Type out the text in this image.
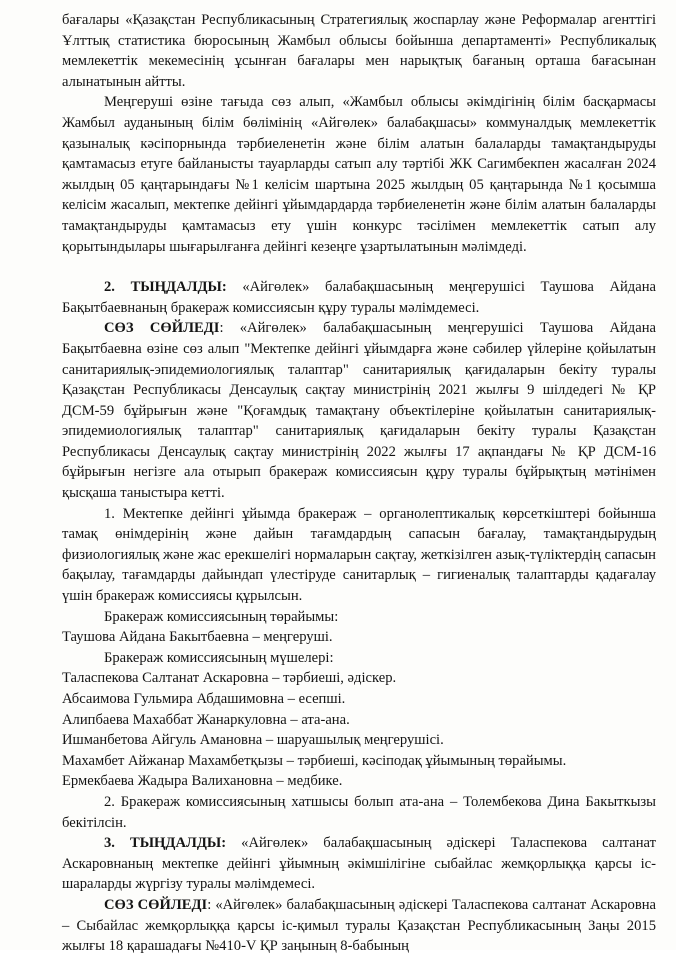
бағалары «Қазақстан Республикасының Стратегиялық жоспарлау және Реформалар агенттігі Ұлттық статистика бюросының Жамбыл облысы бойынша департаменті» Республикалық мемлекеттік мекемесінің ұсынған бағалары мен нарықтық бағаның орташа бағасынан алынатынын айтты.

Меңгеруші өзіне тағыда сөз алып, «Жамбыл облысы әкімдігінің білім басқармасы Жамбыл ауданының білім бөлімінің «Айгөлек» балабақшасы» коммуналдық мемлекеттік қазыналық кәсіпорнында тәрбиеленетін және білім алатын балаларды тамақтандыруды қамтамасыз етуге байланысты тауарларды сатып алу тәртібі ЖК Сагимбекпен жасалған 2024 жылдың 05 қаңтарындағы №1 келісім шартына 2025 жылдың 05 қаңтарында №1 қосымша келісім жасалып, мектепке дейінгі ұйымдардарда тәрбиеленетін және білім алатын балаларды тамақтандыруды қамтамасыз ету үшін конкурс тәсілімен мемлекеттік сатып алу қорытындылары шығарылғанға дейінгі кезеңге ұзартылатынын мәлімдеді.

2. ТЫҢДАЛДЫ: «Айгөлек» балабақшасының меңгерушісі Таушова Айдана Бақытбаевнаның бракераж комиссиясын құру туралы мәлімдемесі.

СӨЗ СӨЙЛЕДІ: «Айгөлек» балабақшасының меңгерушісі Таушова Айдана Бақытбаевна өзіне сөз алып "Мектепке дейінгі ұйымдарға және сәбилер үйлеріне қойылатын санитариялық-эпидемиологиялық талаптар" санитариялық қағидаларын бекіту туралы Қазақстан Республикасы Денсаулық сақтау министрінің 2021 жылғы 9 шілдедегі № ҚР ДСМ-59 бұйрығын және "Қоғамдық тамақтану объектілеріне қойылатын санитариялық-эпидемиологиялық талаптар" санитариялық қағидаларын бекіту туралы Қазақстан Республикасы Денсаулық сақтау министрінің 2022 жылғы 17 ақпандағы № ҚР ДСМ-16 бұйрығын негізге ала отырып бракераж комиссиясын құру туралы бұйрықтың мәтінімен қысқаша таныстыра кетті.

1. Мектепке дейінгі ұйымда бракераж – органолептикалық көрсеткіштері бойынша тамақ өнімдерінің және дайын тағамдардың сапасын бағалау, тамақтандырудың физиологиялық және жас ерекшелігі нормаларын сақтау, жеткізілген азық-түліктердің сапасын бақылау, тағамдарды дайындап үлестіруде санитарлық – гигиеналық талаптарды қадағалау үшін бракераж комиссиясы құрылсын.

Бракераж комиссиясының төрайымы:

Таушова Айдана Бакытбаевна – меңгеруші.

Бракераж комиссиясының мүшелері:

Таласпекова Салтанат Аскаровна – тәрбиеші, әдіскер.

Абсаимова Гульмира Абдашимовна – есепші.

Алипбаева Махаббат Жанаркуловна – ата-ана.

Ишманбетова Айгуль Амановна – шаруашылық меңгерушісі.

Махамбет Айжанар Махамбетқызы – тәрбиеші, кәсіподақ ұйымының төрайымы.

Ермекбаева Жадыра Валихановна – медбике.

2. Бракераж комиссиясының хатшысы болып ата-ана – Толембекова Дина Бакыткызы бекітілсін.

3. ТЫҢДАЛДЫ: «Айгөлек» балабақшасының әдіскері Таласпекова салтанат Аскаровнаның мектепке дейінгі ұйымның әкімшілігіне сыбайлас жемқорлыққа қарсы іс-шараларды жүргізу туралы мәлімдемесі.

СӨЗ СӨЙЛЕДІ: «Айгөлек» балабақшасының әдіскері Таласпекова салтанат Аскаровна – Сыбайлас жемқорлыққа қарсы іс-қимыл туралы Қазақстан Республикасының Заңы 2015 жылғы 18 қарашадағы №410-V ҚР заңының 8-бабының
